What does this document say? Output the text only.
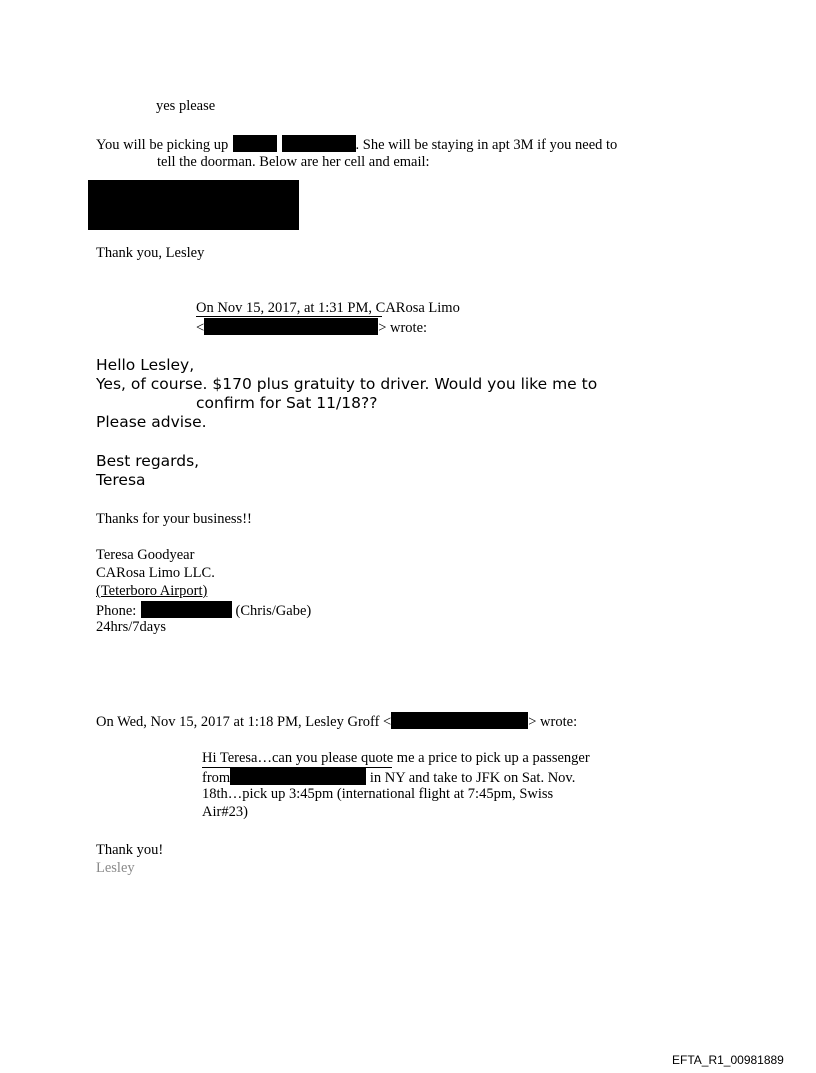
yes please
You will be picking up	. She will be staying in apt 3M if you need to
tell the doorman. Below are her cell and email:
Thank you, Lesley
On Nov 15, 2017, at 1:31 PM, CARosa Limo
<	> wrote:
Hello Lesley,
Yes, of course. $170 plus gratuity to driver. Would you like me to
confirm for Sat 11/18??
Please advise.
Best regards,
Teresa
Thanks for your business!!
Teresa Goodyear
CARosa Limo LLC.
(Teterboro Airport)
Phone:	(Chris/Gabe)
24hrs/7days
On Wed, Nov 15, 2017 at 1:18 PM, Lesley Groff <	> wrote:
Hi Teresa…can you please quote me a price to pick up a passenger
from	in NY and take to JFK on Sat. Nov.
18th…pick up 3:45pm (international flight at 7:45pm, Swiss
Air#23)
Thank you!
Lesley
EFTA_R1_00981889
